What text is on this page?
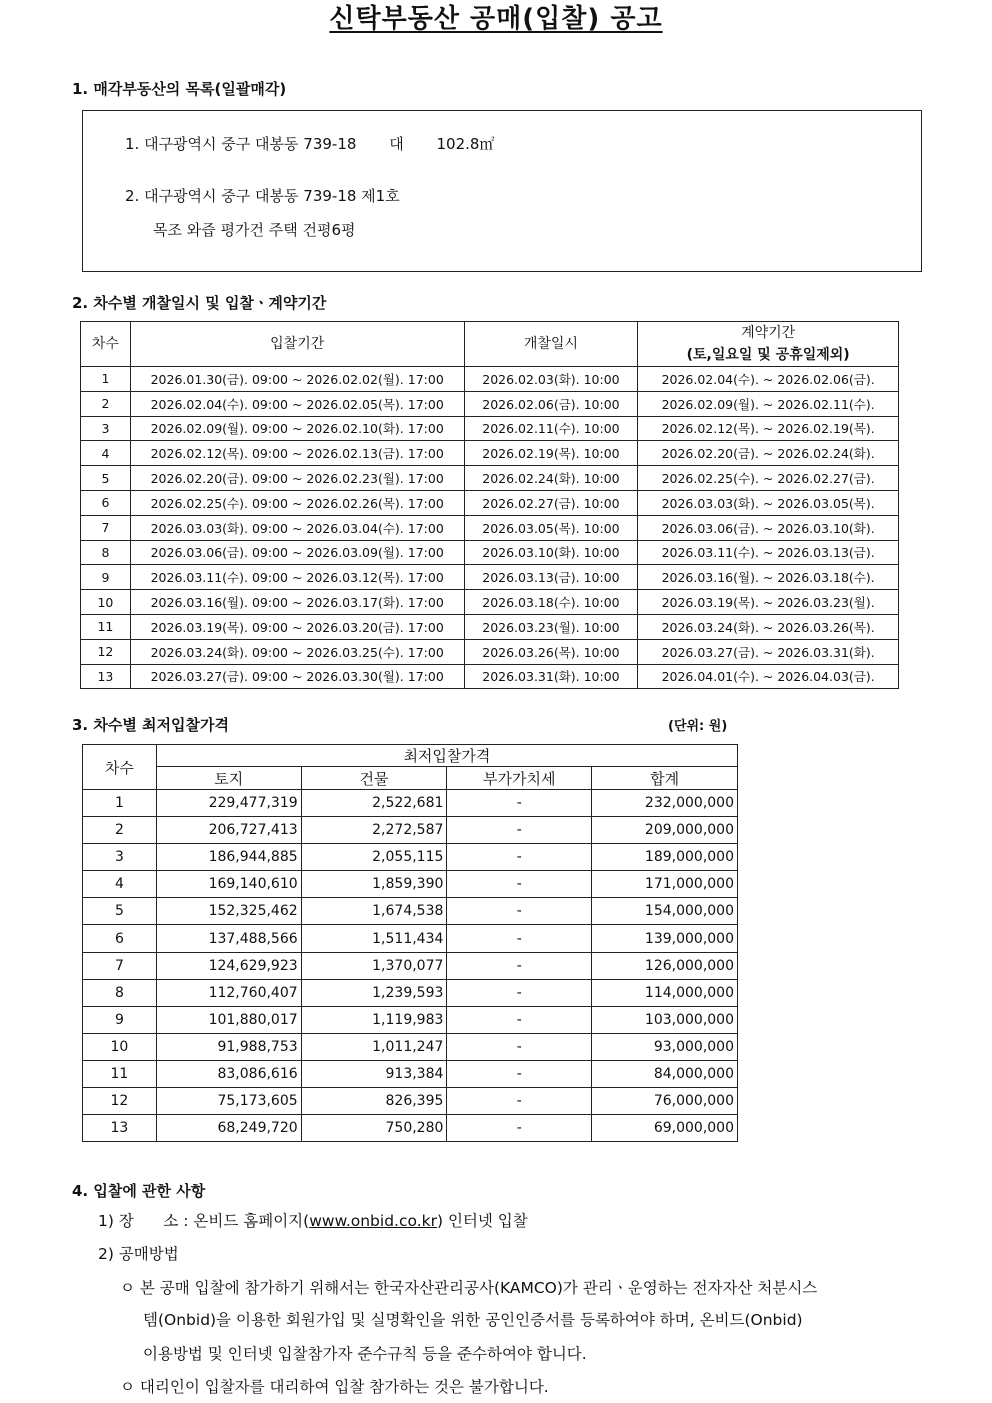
신탁부동산 공매(입찰) 공고
1. 매각부동산의 목록(일괄매각)
1. 대구광역시 중구 대봉동 739-18 대 102.8㎡
2. 대구광역시 중구 대봉동 739-18 제1호
목조 와즙 평가건 주택 건평6평
2. 차수별 개찰일시 및 입찰ㆍ계약기간
차수	입찰기간	개찰일시	계약기간
			(토,일요일 및 공휴일제외)
1	2026.01.30(금). 09:00 ~ 2026.02.02(월). 17:00	2026.02.03(화). 10:00	2026.02.04(수). ~ 2026.02.06(금).
2	2026.02.04(수). 09:00 ~ 2026.02.05(목). 17:00	2026.02.06(금). 10:00	2026.02.09(월). ~ 2026.02.11(수).
3	2026.02.09(월). 09:00 ~ 2026.02.10(화). 17:00	2026.02.11(수). 10:00	2026.02.12(목). ~ 2026.02.19(목).
4	2026.02.12(목). 09:00 ~ 2026.02.13(금). 17:00	2026.02.19(목). 10:00	2026.02.20(금). ~ 2026.02.24(화).
5	2026.02.20(금). 09:00 ~ 2026.02.23(월). 17:00	2026.02.24(화). 10:00	2026.02.25(수). ~ 2026.02.27(금).
6	2026.02.25(수). 09:00 ~ 2026.02.26(목). 17:00	2026.02.27(금). 10:00	2026.03.03(화). ~ 2026.03.05(목).
7	2026.03.03(화). 09:00 ~ 2026.03.04(수). 17:00	2026.03.05(목). 10:00	2026.03.06(금). ~ 2026.03.10(화).
8	2026.03.06(금). 09:00 ~ 2026.03.09(월). 17:00	2026.03.10(화). 10:00	2026.03.11(수). ~ 2026.03.13(금).
9	2026.03.11(수). 09:00 ~ 2026.03.12(목). 17:00	2026.03.13(금). 10:00	2026.03.16(월). ~ 2026.03.18(수).
10	2026.03.16(월). 09:00 ~ 2026.03.17(화). 17:00	2026.03.18(수). 10:00	2026.03.19(목). ~ 2026.03.23(월).
11	2026.03.19(목). 09:00 ~ 2026.03.20(금). 17:00	2026.03.23(월). 10:00	2026.03.24(화). ~ 2026.03.26(목).
12	2026.03.24(화). 09:00 ~ 2026.03.25(수). 17:00	2026.03.26(목). 10:00	2026.03.27(금). ~ 2026.03.31(화).
13	2026.03.27(금). 09:00 ~ 2026.03.30(월). 17:00	2026.03.31(화). 10:00	2026.04.01(수). ~ 2026.04.03(금).
3. 차수별 최저입찰가격	(단위: 원)
차수	최저입찰가격			
	토지	건물	부가가치세	합계
1	229,477,319	2,522,681	-	232,000,000
2	206,727,413	2,272,587	-	209,000,000
3	186,944,885	2,055,115	-	189,000,000
4	169,140,610	1,859,390	-	171,000,000
5	152,325,462	1,674,538	-	154,000,000
6	137,488,566	1,511,434	-	139,000,000
7	124,629,923	1,370,077	-	126,000,000
8	112,760,407	1,239,593	-	114,000,000
9	101,880,017	1,119,983	-	103,000,000
10	91,988,753	1,011,247	-	93,000,000
11	83,086,616	913,384	-	84,000,000
12	75,173,605	826,395	-	76,000,000
13	68,249,720	750,280	-	69,000,000
4. 입찰에 관한 사항
1) 장      소 : 온비드 홈페이지(www.onbid.co.kr) 인터넷 입찰
2) 공매방법
ㅇ 본 공매 입찰에 참가하기 위해서는 한국자산관리공사(KAMCO)가 관리ㆍ운영하는 전자자산 처분시스
템(Onbid)을 이용한 회원가입 및 실명확인을 위한 공인인증서를 등록하여야 하며, 온비드(Onbid)
이용방법 및 인터넷 입찰참가자 준수규칙 등을 준수하여야 합니다.
ㅇ 대리인이 입찰자를 대리하여 입찰 참가하는 것은 불가합니다.
